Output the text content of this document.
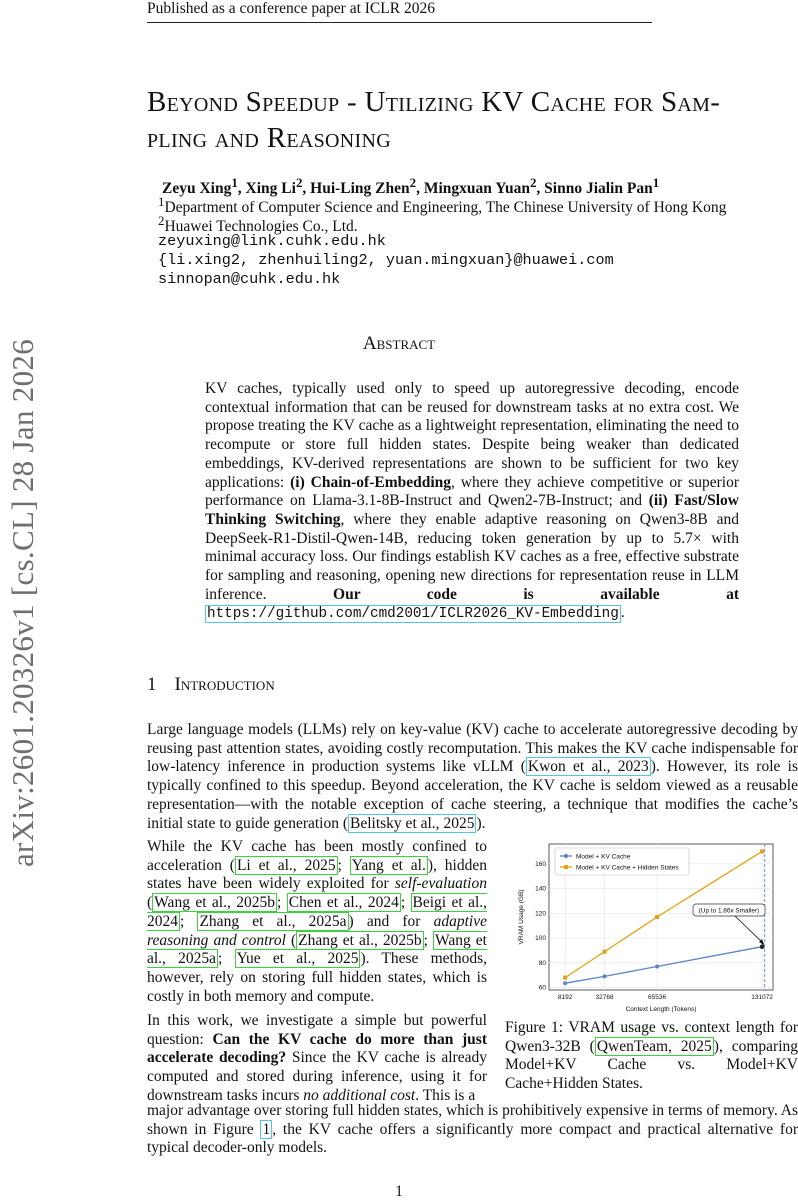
Published as a conference paper at ICLR 2026
arXiv:2601.20326v1 [cs.CL] 28 Jan 2026
Beyond Speedup - Utilizing KV Cache for Sam-
pling and Reasoning
Zeyu Xing$^1$, Xing Li$^2$, Hui-Ling Zhen$^2$, Mingxuan Yuan$^2$, Sinno Jialin Pan$^1$
$^1$Department of Computer Science and Engineering, The Chinese University of Hong Kong
$^2$Huawei Technologies Co., Ltd.
zeyuxing@link.cuhk.edu.hk
{li.xing2, zhenhuiling2, yuan.mingxuan}@huawei.com
sinnopan@cuhk.edu.hk
Abstract
KV caches, typically used only to speed up autoregressive decoding, encode contextual information that can be reused for downstream tasks at no extra cost. We propose treating the KV cache as a lightweight representation, eliminating the need to recompute or store full hidden states. Despite being weaker than dedicated embeddings, KV-derived representations are shown to be sufficient for two key applications: (i) Chain-of-Embedding, where they achieve competitive or superior performance on Llama-3.1-8B-Instruct and Qwen2-7B-Instruct; and (ii) Fast/Slow Thinking Switching, where they enable adaptive reasoning on Qwen3-8B and DeepSeek-R1-Distil-Qwen-14B, reducing token generation by up to 5.7× with minimal accuracy loss. Our findings establish KV caches as a free, effective substrate for sampling and reasoning, opening new directions for representation reuse in LLM inference. Our code is available at https://github.com/cmd2001/ICLR2026_KV-Embedding .
1 Introduction
Large language models (LLMs) rely on key-value (KV) cache to accelerate autoregressive decoding by reusing past attention states, avoiding costly recomputation. This makes the KV cache indispensable for low-latency inference in production systems like vLLM ( Kwon et al., 2023 ). However, its role is typically confined to this speedup. Beyond acceleration, the KV cache is seldom viewed as a reusable representation—with the notable exception of cache steering, a technique that modifies the cache’s initial state to guide generation ( Belitsky et al., 2025 ).
While the KV cache has been mostly confined to acceleration ( Li et al., 2025 ; Yang et al. ), hidden states have been widely exploited for self-evaluation ( Wang et al., 2025b ; Chen et al., 2024 ; Beigi et al., 2024 ; Zhang et al., 2025a ) and for adaptive reasoning and control ( Zhang et al., 2025b ; Wang et al., 2025a ; Yue et al., 2025 ). These methods, however, rely on storing full hidden states, which is costly in both memory and compute.
In this work, we investigate a simple but powerful question: Can the KV cache do more than just accelerate decoding? Since the KV cache is already computed and stored during inference, using it for downstream tasks incurs no additional cost. This is a
major advantage over storing full hidden states, which is prohibitively expensive in terms of memory. As shown in Figure 1 , the KV cache offers a significantly more compact and practical alternative for typical decoder-only models.
60
80
100
120
140
160
8192	32768	65536	131072
Model + KV Cache
Model + KV Cache + Hidden States
(Up to 1.86x Smaller)
Context Length (Tokens)
VRAM Usage (GB)
Figure 1: VRAM usage vs. context length for Qwen3-32B ( QwenTeam, 2025 ), comparing Model+KV Cache vs. Model+KV Cache+Hidden States.
1
